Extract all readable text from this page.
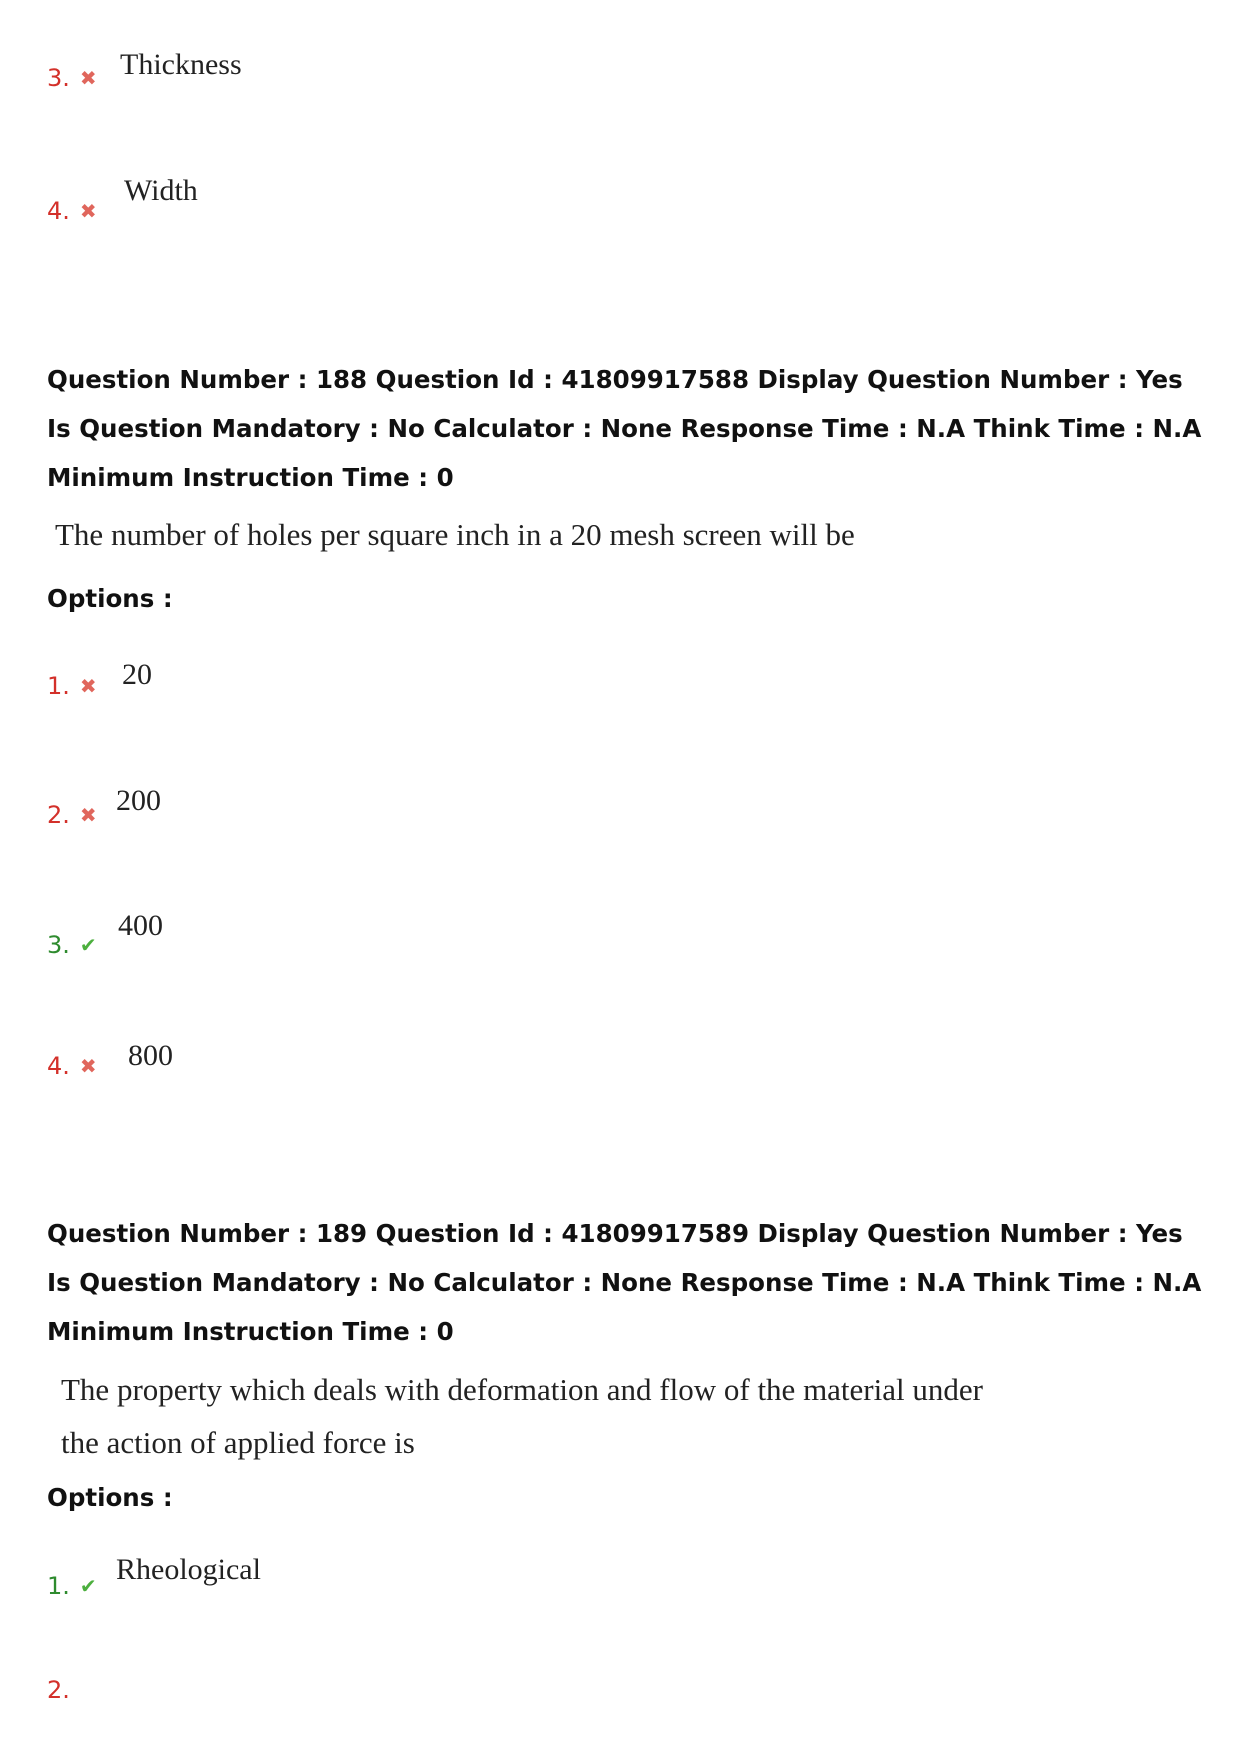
3. ✖ Thickness
4. ✖
Width
Question Number : 188 Question Id : 41809917588 Display Question Number : Yes Is Question Mandatory : No Calculator : None Response Time : N.A Think Time : N.A Minimum Instruction Time : 0
The number of holes per square inch in a 20 mesh screen will be
Options :
1. ✖ 20
2. ✖ 200
3. ✔
400
4. ✖ 800
Question Number : 189 Question Id : 41809917589 Display Question Number : Yes Is Question Mandatory : No Calculator : None Response Time : N.A Think Time : N.A Minimum Instruction Time : 0
The property which deals with deformation and flow of the material under
the action of applied force is
Options :
1. ✔ Rheological
2.
